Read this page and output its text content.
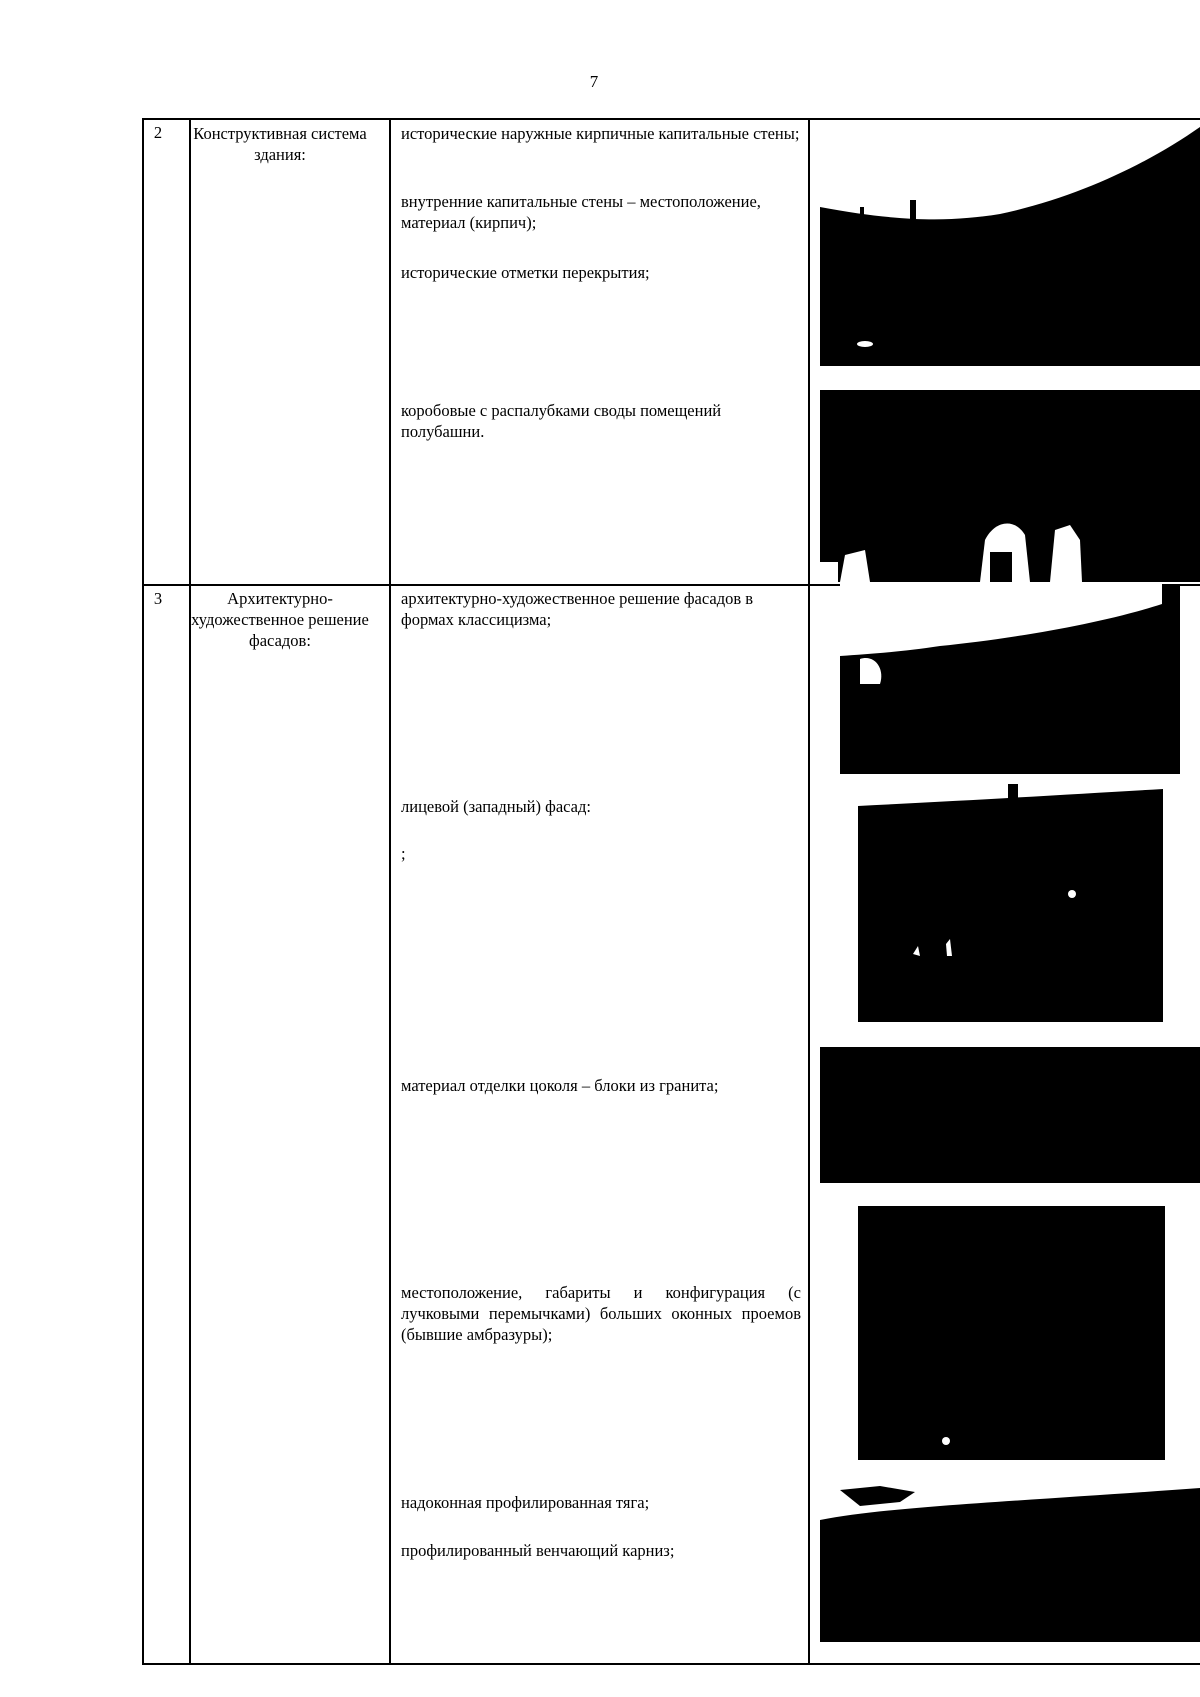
7
2	Конструктивная система здания:
исторические наружные кирпичные капитальные стены;
внутренние капитальные стены – местоположение, материал (кирпич);
исторические отметки перекрытия;
коробовые с распалубками своды помещений полубашни.
3	Архитектурно-художественное решение фасадов:
архитектурно-художественное решение фасадов в формах классицизма;
лицевой (западный) фасад:
;
материал отделки цоколя – блоки из гранита;
местоположение, габариты и конфигурация (с лучковыми перемычками) больших оконных проемов (бывшие амбразуры);
надоконная профилированная тяга;
профилированный венчающий карниз;
